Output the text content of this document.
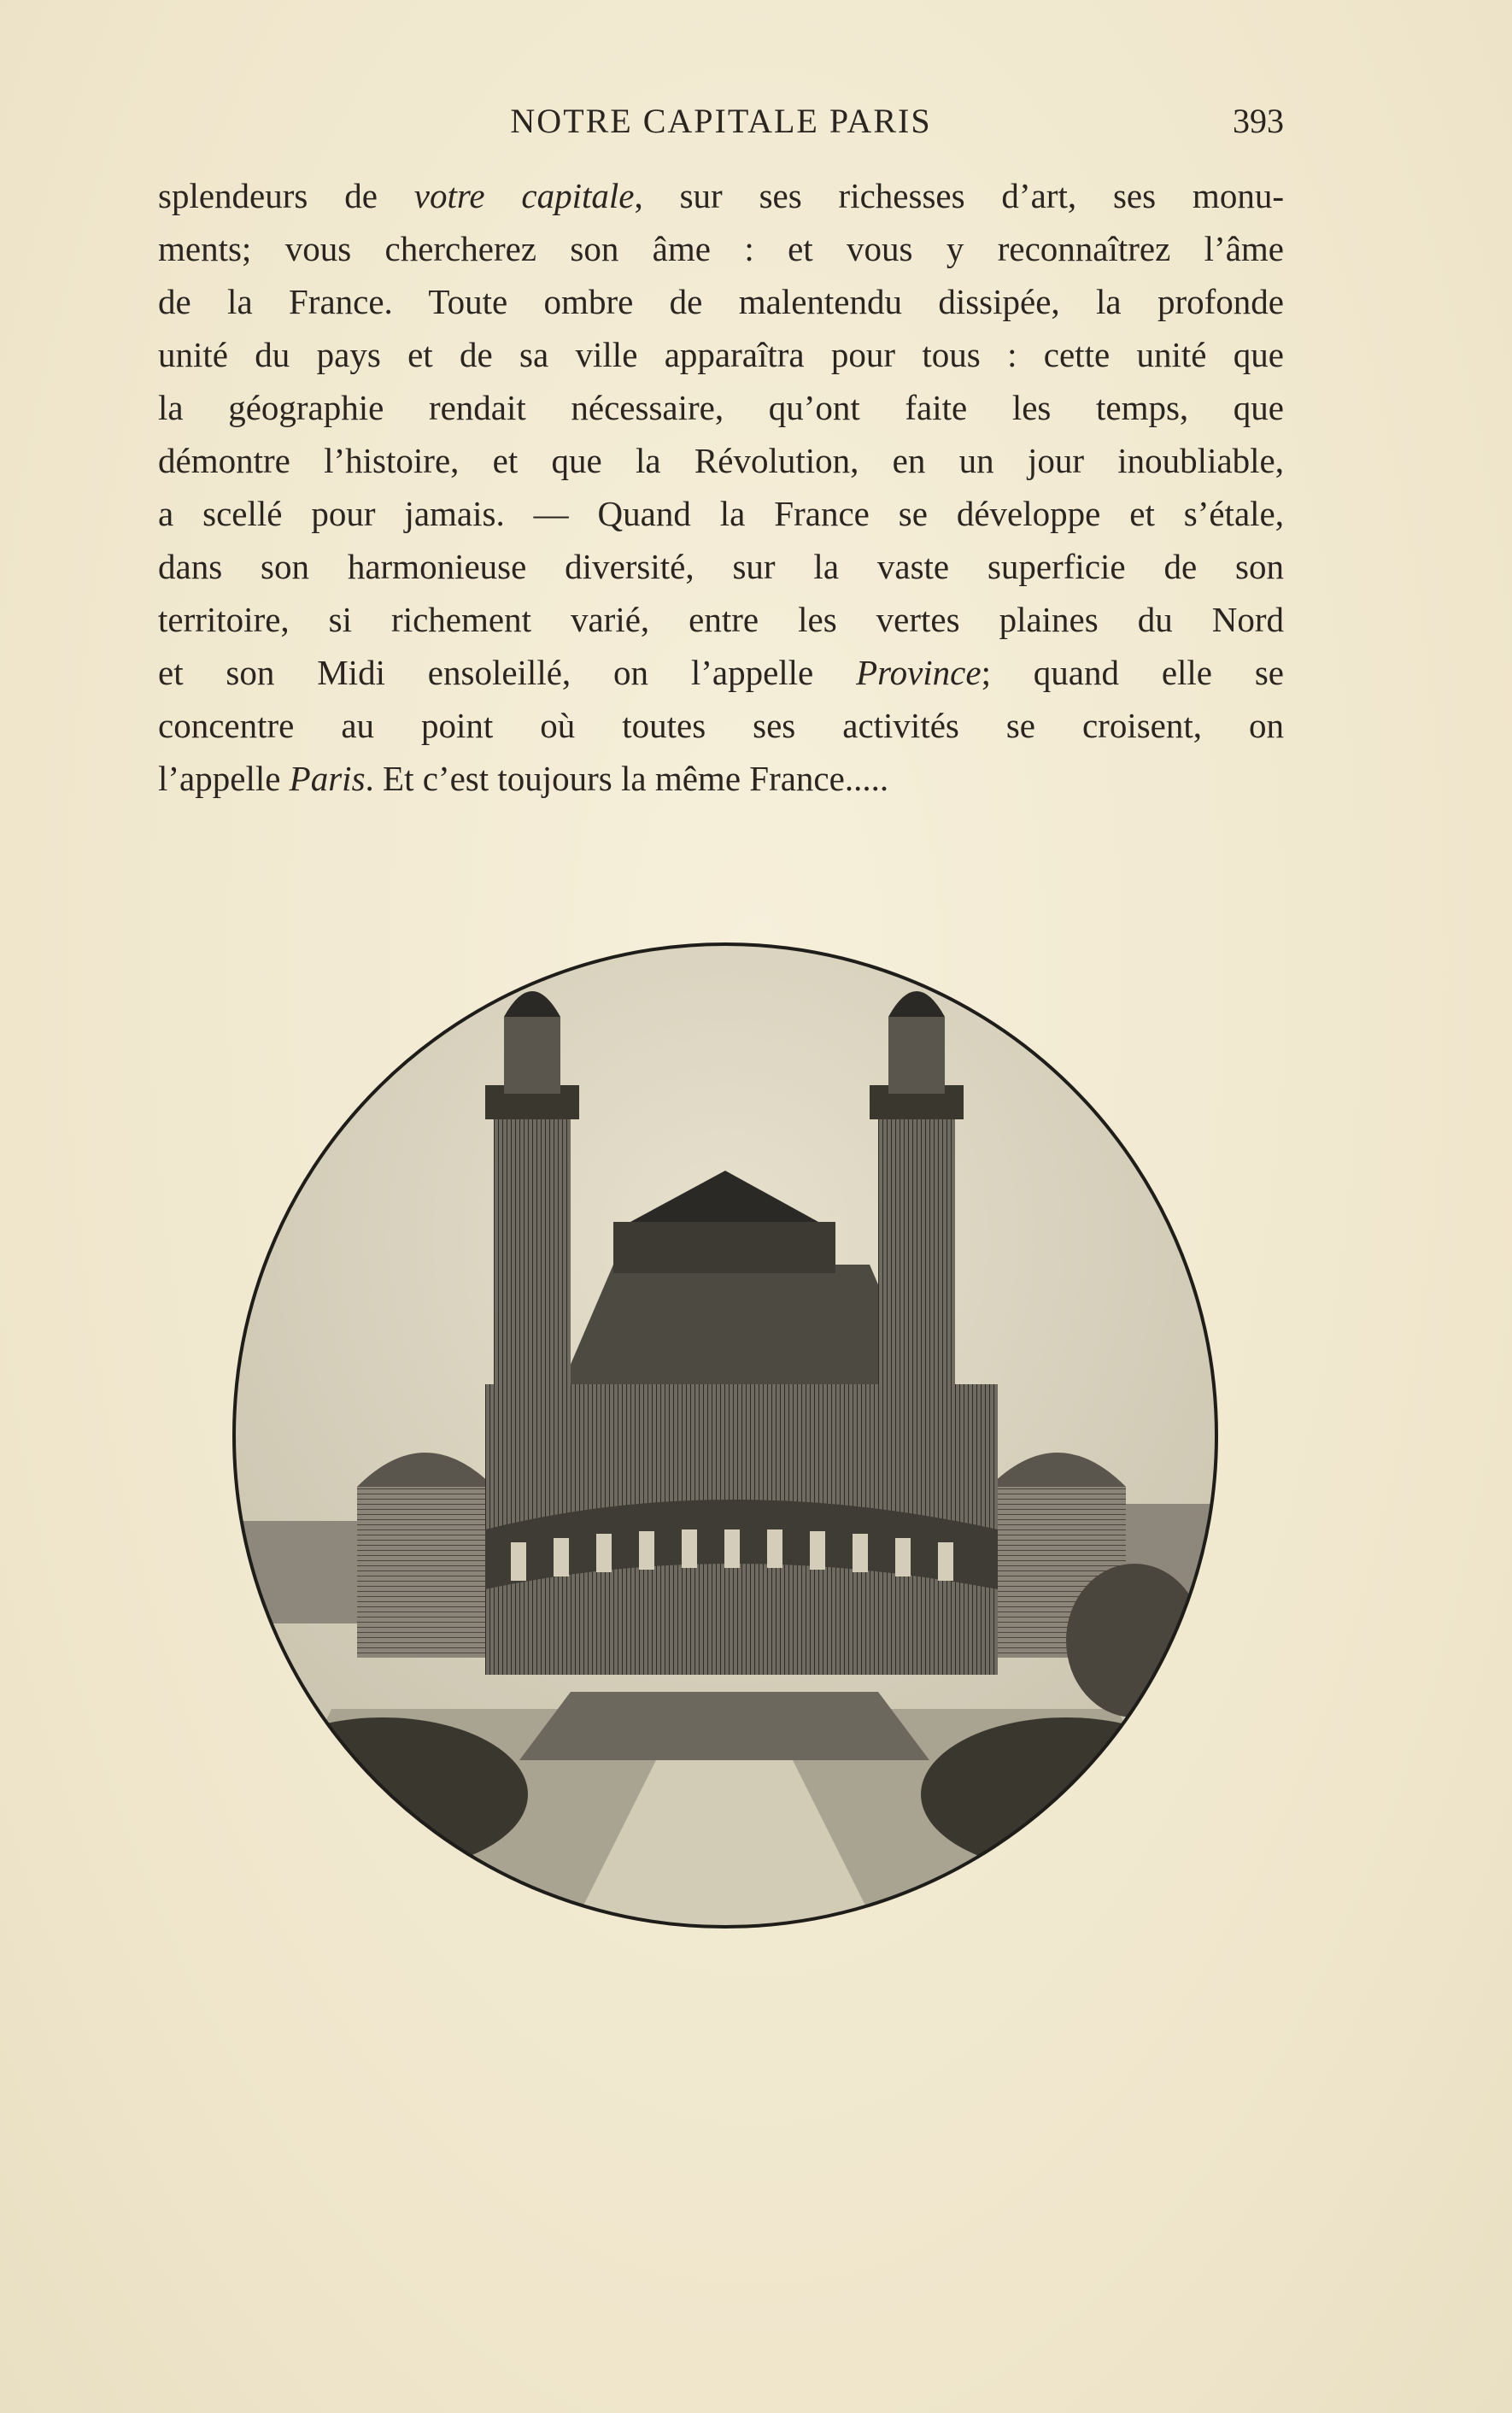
NOTRE CAPITALE PARIS	393
splendeurs de votre capitale, sur ses richesses d’art, ses monu-
ments; vous chercherez son âme : et vous y reconnaîtrez l’âme
de la France. Toute ombre de malentendu dissipée, la profonde
unité du pays et de sa ville apparaîtra pour tous : cette unité que
la géographie rendait nécessaire, qu’ont faite les temps, que
démontre l’histoire, et que la Révolution, en un jour inoubliable,
a scellé pour jamais. — Quand la France se développe et s’étale,
dans son harmonieuse diversité, sur la vaste superficie de son
territoire, si richement varié, entre les vertes plaines du Nord
et son Midi ensoleillé, on l’appelle Province; quand elle se
concentre au point où toutes ses activités se croisent, on
l’appelle Paris. Et c’est toujours la même France.....
